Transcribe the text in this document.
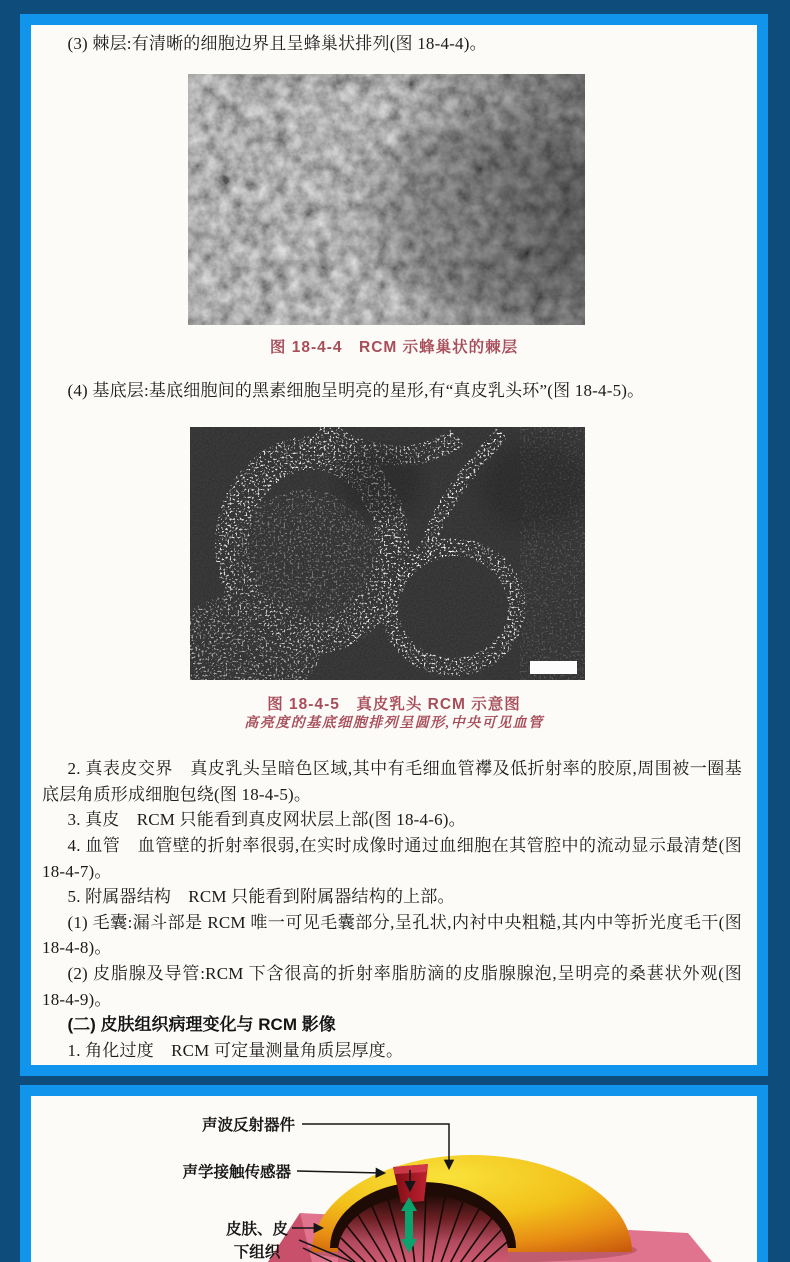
(3) 棘层:有清晰的细胞边界且呈蜂巢状排列(图 18-4-4)。

图 18-4-4　RCM 示蜂巢状的棘层

(4) 基底层:基底细胞间的黑素细胞呈明亮的星形,有“真皮乳头环”(图 18-4-5)。

图 18-4-5　真皮乳头 RCM 示意图

高亮度的基底细胞排列呈圆形,中央可见血管

2. 真表皮交界　真皮乳头呈暗色区域,其中有毛细血管襻及低折射率的胶原,周围被一圈基底层角质形成细胞包绕(图 18-4-5)。

3. 真皮　RCM 只能看到真皮网状层上部(图 18-4-6)。

4. 血管　血管壁的折射率很弱,在实时成像时通过血细胞在其管腔中的流动显示最清楚(图 18-4-7)。

5. 附属器结构　RCM 只能看到附属器结构的上部。

(1) 毛囊:漏斗部是 RCM 唯一可见毛囊部分,呈孔状,内衬中央粗糙,其内中等折光度毛干(图 18-4-8)。

(2) 皮脂腺及导管:RCM 下含很高的折射率脂肪滴的皮脂腺腺泡,呈明亮的桑葚状外观(图 18-4-9)。

(二) 皮肤组织病理变化与 RCM 影像

1. 角化过度　RCM 可定量测量角质层厚度。

声波反射器件
声学接触传感器
皮肤、皮
下组织
